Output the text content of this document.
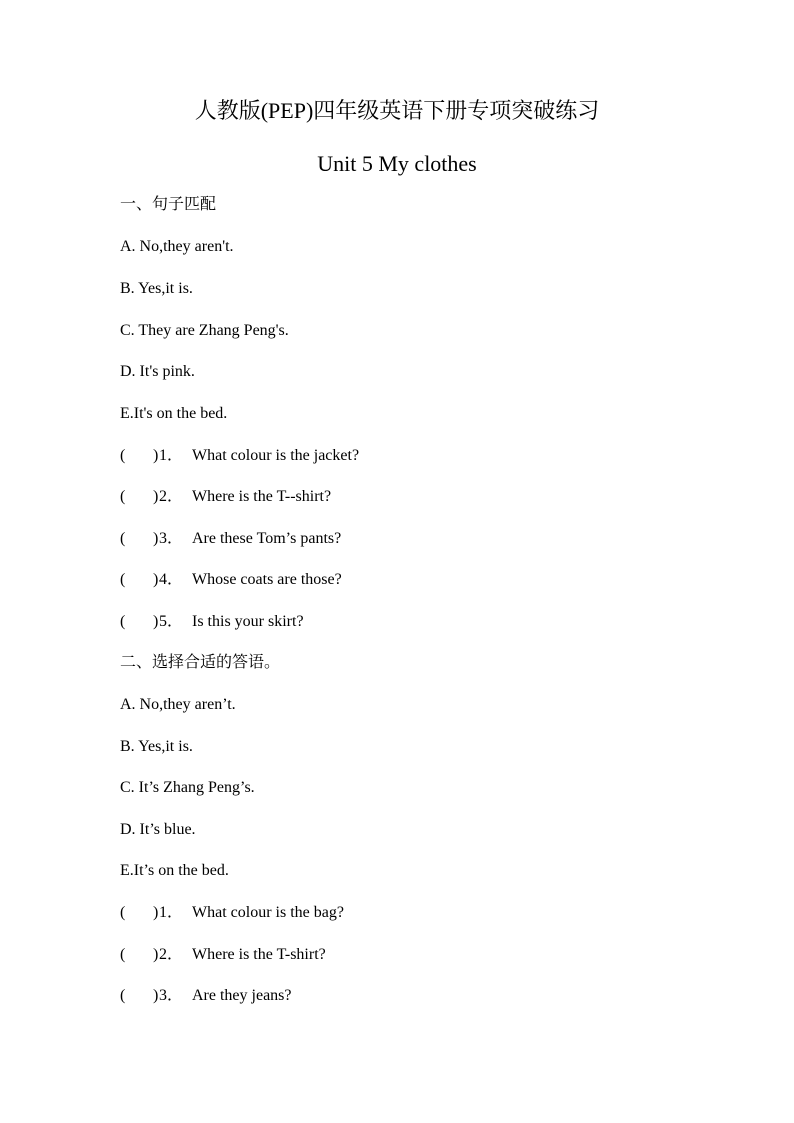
人教版(PEP)四年级英语下册专项突破练习
Unit 5 My clothes
一、句子匹配
A. No,they aren't.
B. Yes,it is.
C. They are Zhang Peng's.
D. It's pink.
E.It's on the bed.
( )1． What colour is the jacket?
( )2． Where is the T--shirt?
( )3． Are these Tom’s pants?
( )4． Whose coats are those?
( )5． Is this your skirt?
二、选择合适的答语。
A. No,they aren’t.
B. Yes,it is.
C. It’s Zhang Peng’s.
D. It’s blue.
E.It’s on the bed.
( )1． What colour is the bag?
( )2． Where is the T-shirt?
( )3． Are they jeans?
